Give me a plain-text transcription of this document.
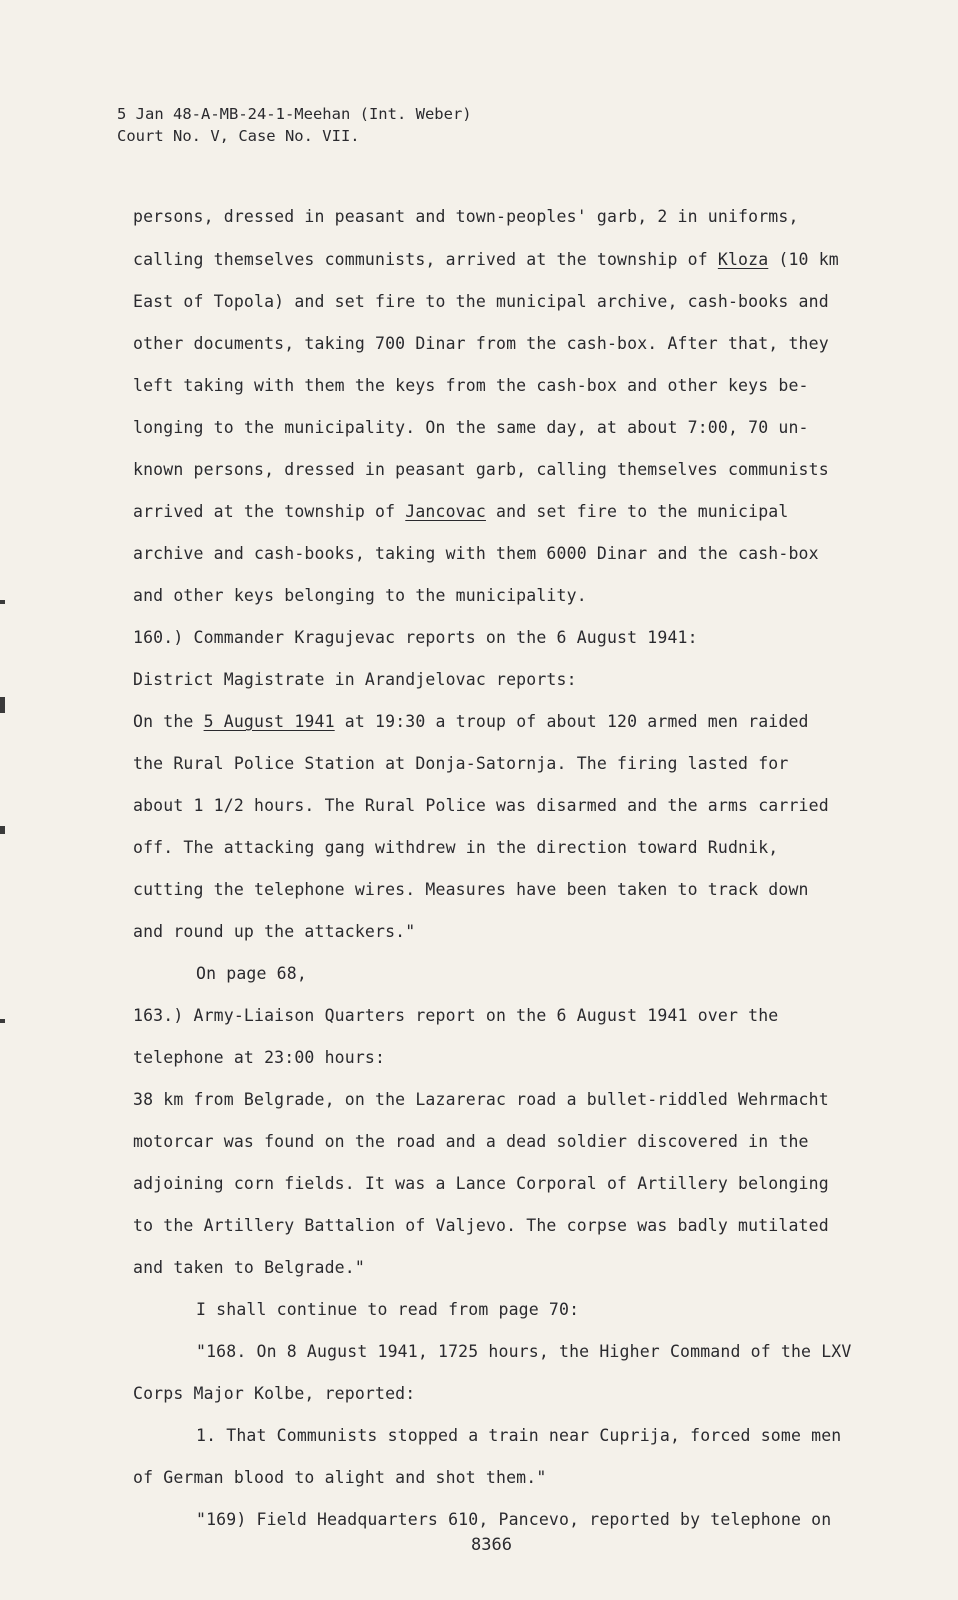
5 Jan 48-A-MB-24-1-Meehan (Int. Weber)
Court No. V, Case No. VII.
persons, dressed in peasant and town-peoples' garb, 2 in uniforms,
calling themselves communists, arrived at the township of Kloza (10 km
East of Topola) and set fire to the municipal archive, cash-books and
other documents, taking 700 Dinar from the cash-box. After that, they
left taking with them the keys from the cash-box and other keys be-
longing to the municipality. On the same day, at about 7:00, 70 un-
known persons, dressed in peasant garb, calling themselves communists
arrived at the township of Jancovac and set fire to the municipal
archive and cash-books, taking with them 6000 Dinar and the cash-box
and other keys belonging to the municipality.
160.) Commander Kragujevac reports on the 6 August 1941:
District Magistrate in Arandjelovac reports:
On the 5 August 1941 at 19:30 a troup of about 120 armed men raided
the Rural Police Station at Donja-Satornja. The firing lasted for
about 1 1/2 hours. The Rural Police was disarmed and the arms carried
off. The attacking gang withdrew in the direction toward Rudnik,
cutting the telephone wires. Measures have been taken to track down
and round up the attackers."
On page 68,
163.) Army-Liaison Quarters report on the 6 August 1941 over the
telephone at 23:00 hours:
38 km from Belgrade, on the Lazarerac road a bullet-riddled Wehrmacht
motorcar was found on the road and a dead soldier discovered in the
adjoining corn fields. It was a Lance Corporal of Artillery belonging
to the Artillery Battalion of Valjevo. The corpse was badly mutilated
and taken to Belgrade."
I shall continue to read from page 70:
"168. On 8 August 1941, 1725 hours, the Higher Command of the LXV
Corps Major Kolbe, reported:
1. That Communists stopped a train near Cuprija, forced some men
of German blood to alight and shot them."
"169) Field Headquarters 610, Pancevo, reported by telephone on
8366
